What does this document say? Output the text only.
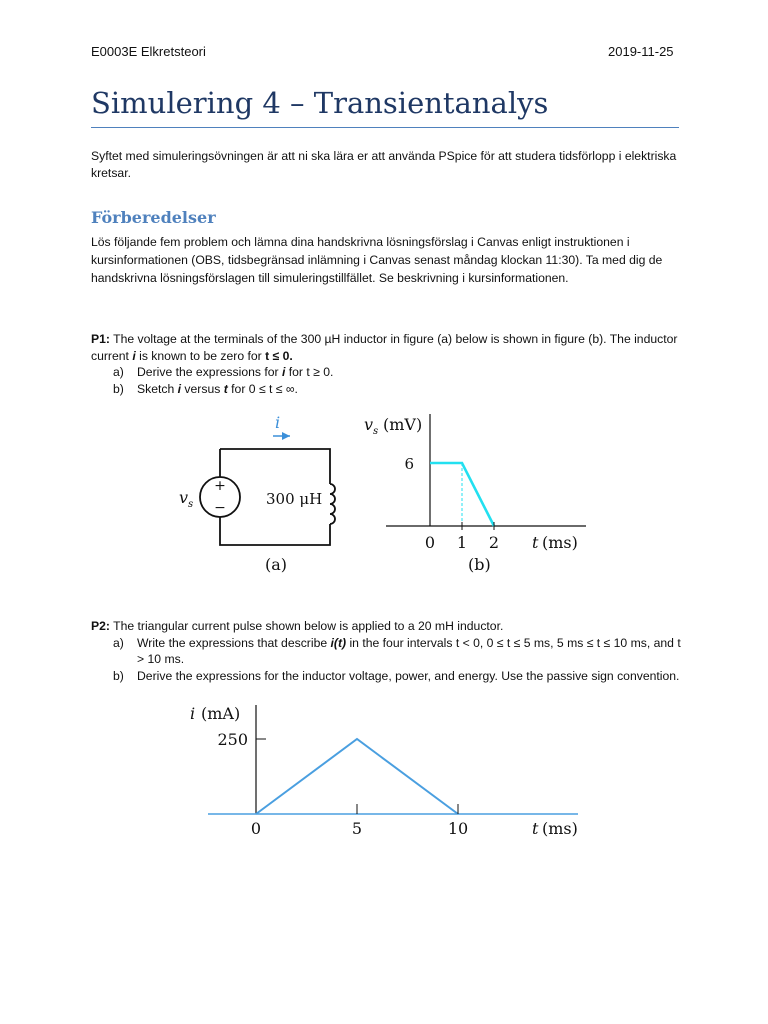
E0003E Elkretsteori	2019-11-25
Simulering 4 – Transientanalys
Syftet med simuleringsövningen är att ni ska lära er att använda PSpice för att studera tidsförlopp i elektriska kretsar.
Förberedelser
Lös följande fem problem och lämna dina handskrivna lösningsförslag i Canvas enligt instruktionen i kursinformationen (OBS, tidsbegränsad inlämning i Canvas senast måndag klockan 11:30). Ta med dig de handskrivna lösningsförslagen till simuleringstillfället. Se beskrivning i kursinformationen.
P1: The voltage at the terminals of the 300 µH inductor in figure (a) below is shown in figure (b). The inductor current i is known to be zero for t ≤ 0.
a) Derive the expressions for i for t ≥ 0.
b) Sketch i versus t for 0 ≤ t ≤ ∞.
+
−
i
v s	300 μH
(a)
v s (mV)
t (ms)
(b)
0 1 2
6
P2: The triangular current pulse shown below is applied to a 20 mH inductor.
a) Write the expressions that describe i(t) in the four intervals t < 0, 0 ≤ t ≤ 5 ms, 5 ms ≤ t ≤ 10 ms, and t > 10 ms.
b) Derive the expressions for the inductor voltage, power, and energy. Use the passive sign convention.
i (mA)
t (ms)
0	5	10
250
